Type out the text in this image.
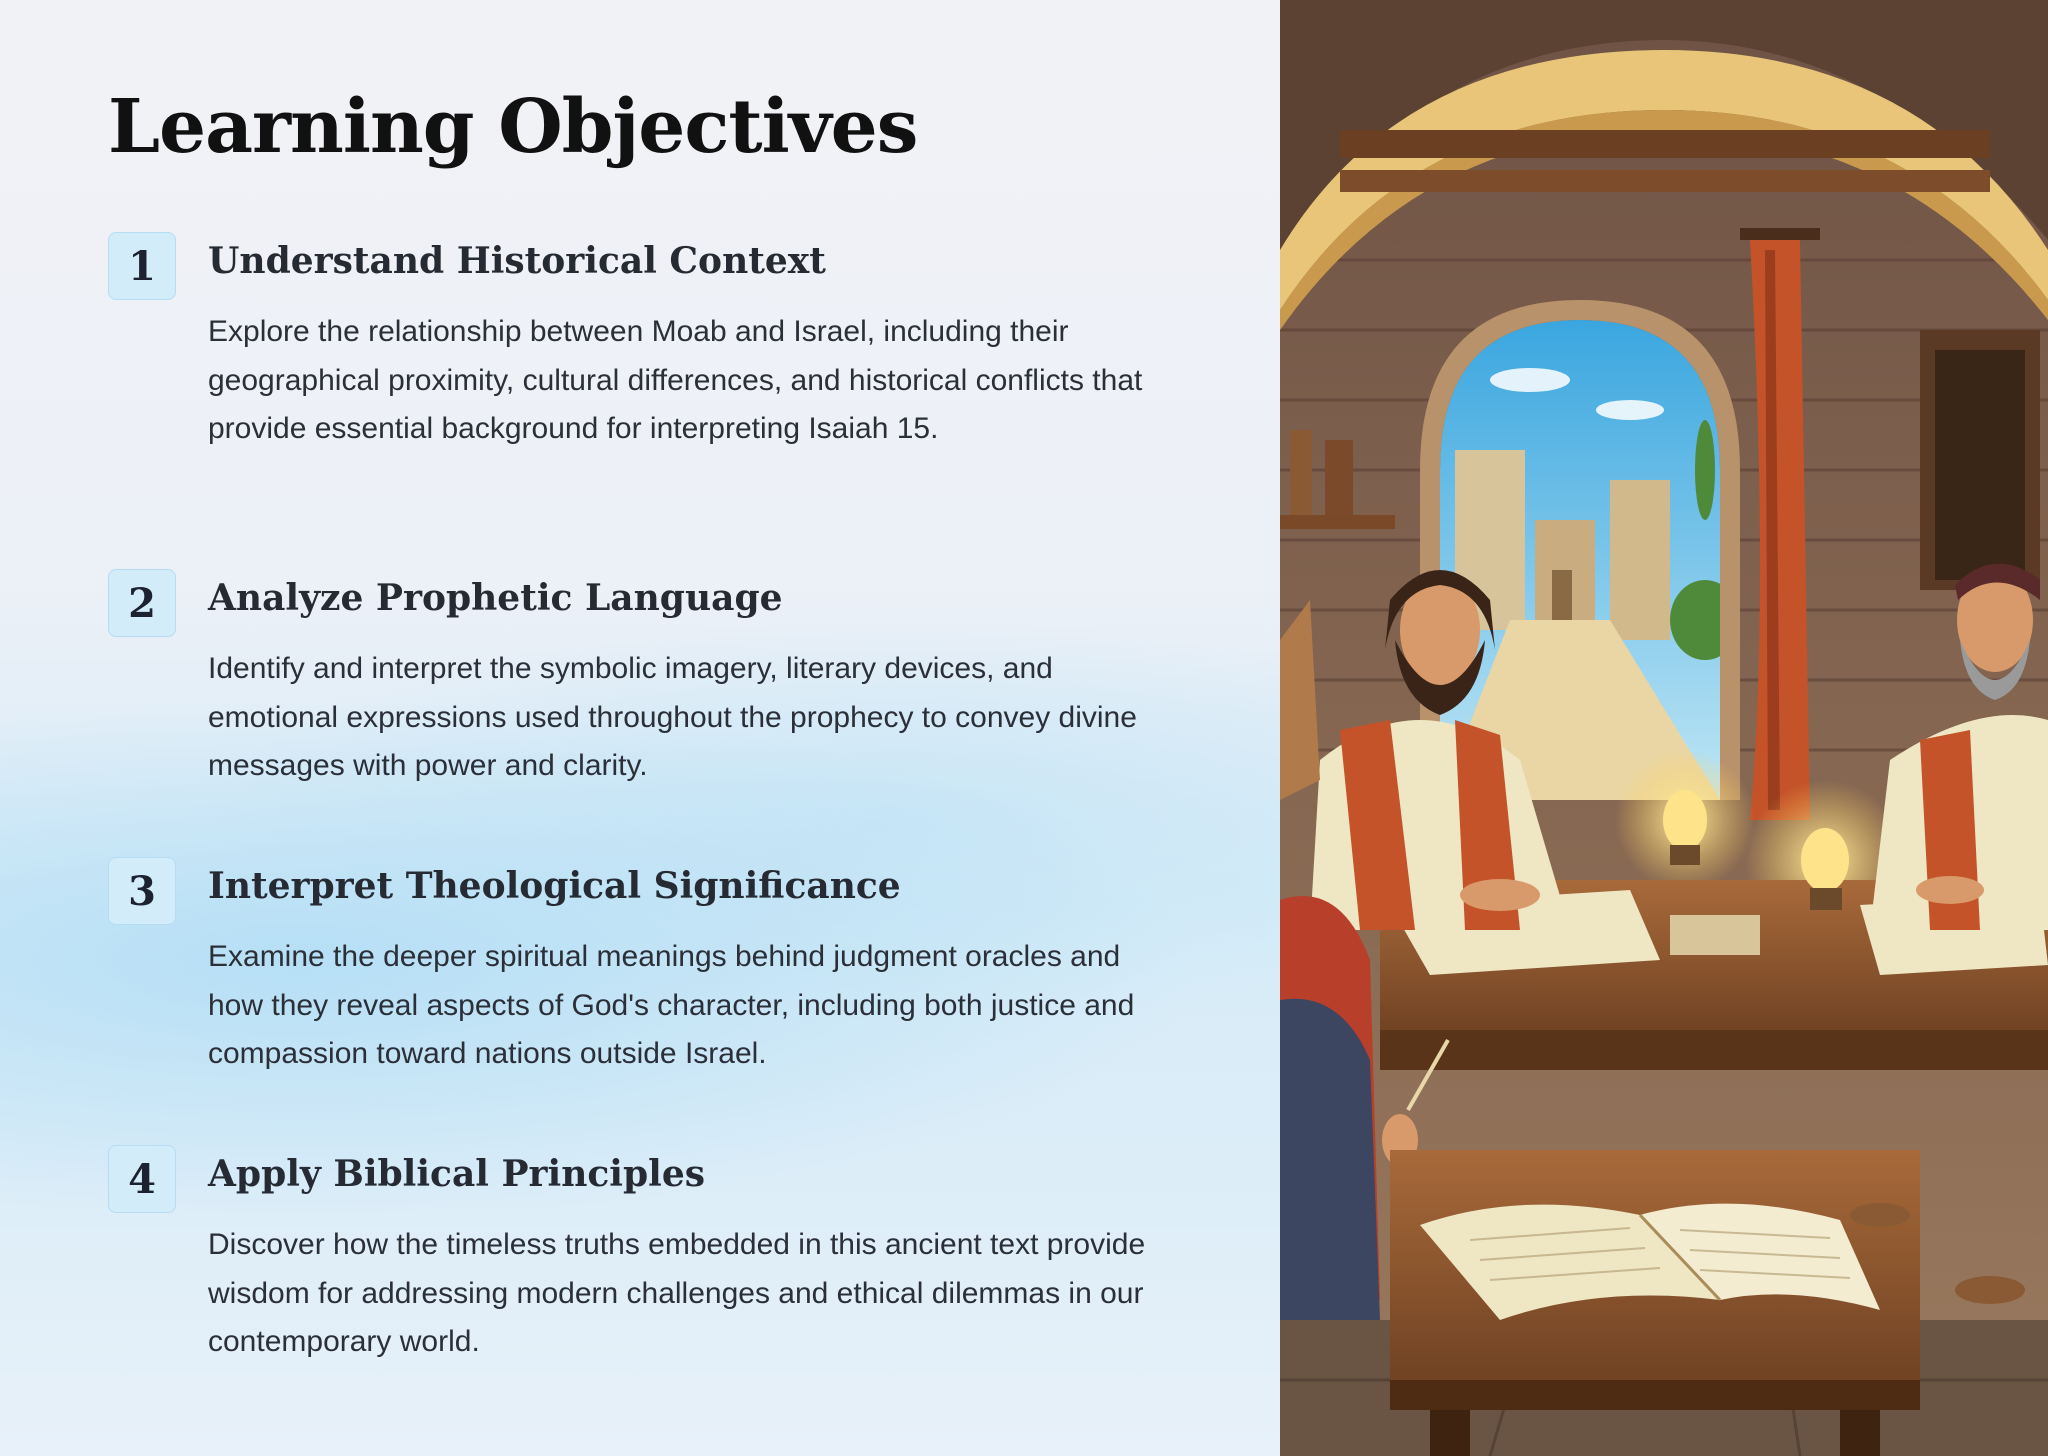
Learning Objectives
1	Understand Historical Context

Explore the relationship between Moab and Israel, including their geographical proximity, cultural differences, and historical conflicts that provide essential background for interpreting Isaiah 15.

2	Analyze Prophetic Language

Identify and interpret the symbolic imagery, literary devices, and emotional expressions used throughout the prophecy to convey divine messages with power and clarity.

3	Interpret Theological Significance

Examine the deeper spiritual meanings behind judgment oracles and how they reveal aspects of God's character, including both justice and compassion toward nations outside Israel.

4	Apply Biblical Principles

Discover how the timeless truths embedded in this ancient text provide wisdom for addressing modern challenges and ethical dilemmas in our contemporary world.
